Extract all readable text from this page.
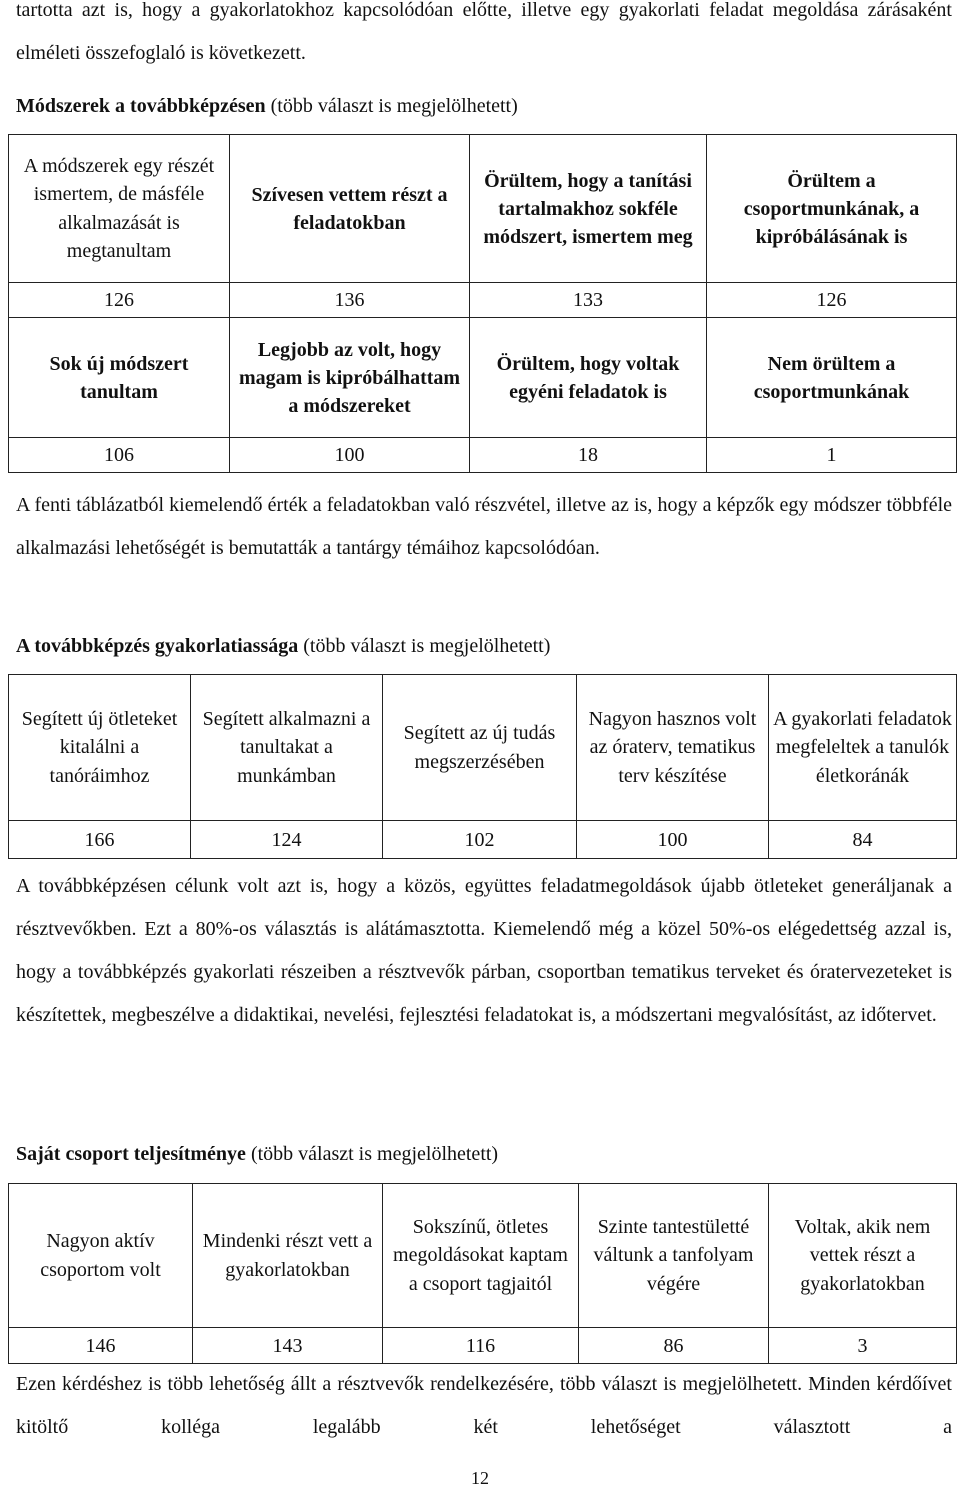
tartotta azt is, hogy a gyakorlatokhoz kapcsolódóan előtte, illetve egy gyakorlati feladat megoldása zárásaként elméleti összefoglaló is következett.

Módszerek a továbbképzésen (több választ is megjelölhetett)
A módszerek egy részét ismertem, de másféle alkalmazását is megtanultam	Szívesen vettem részt a feladatokban	Örültem, hogy a tanítási tartalmakhoz sokféle módszert, ismertem meg	Örültem a csoportmunkának, a kipróbálásának is
126	136	133	126
Sok új módszert tanultam	Legjobb az volt, hogy magam is kipróbálhattam a módszereket	Örültem, hogy voltak egyéni feladatok is	Nem örültem a csoportmunkának
106	100	18	1

A fenti táblázatból kiemelendő érték a feladatokban való részvétel, illetve az is, hogy a képzők egy módszer többféle alkalmazási lehetőségét is bemutatták a tantárgy témáihoz kapcsolódóan.

A továbbképzés gyakorlatiassága (több választ is megjelölhetett)
Segített új ötleteket kitalálni a tanóráimhoz	Segített alkalmazni a tanultakat a munkámban	Segített az új tudás megszerzésében	Nagyon hasznos volt az óraterv, tematikus terv készítése	A gyakorlati feladatok megfeleltek a tanulók életkoránák
166	124	102	100	84

A továbbképzésen célunk volt azt is, hogy a közös, együttes feladatmegoldások újabb ötleteket generáljanak a résztvevőkben. Ezt a 80%-os választás is alátámasztotta. Kiemelendő még a közel 50%-os elégedettség azzal is, hogy a továbbképzés gyakorlati részeiben a résztvevők párban, csoportban tematikus terveket és óratervezeteket is készítettek, megbeszélve a didaktikai, nevelési, fejlesztési feladatokat is, a módszertani megvalósítást, az időtervet.

Saját csoport teljesítménye (több választ is megjelölhetett)
Nagyon aktív csoportom volt	Mindenki részt vett a gyakorlatokban	Sokszínű, ötletes megoldásokat kaptam a csoport tagjaitól	Szinte tantestületté váltunk a tanfolyam végére	Voltak, akik nem vettek részt a gyakorlatokban
146	143	116	86	3

Ezen kérdéshez is több lehetőség állt a résztvevők rendelkezésére, több választ is megjelölhetett. Minden kérdőívet kitöltő kolléga legalább két lehetőséget választott a

12
